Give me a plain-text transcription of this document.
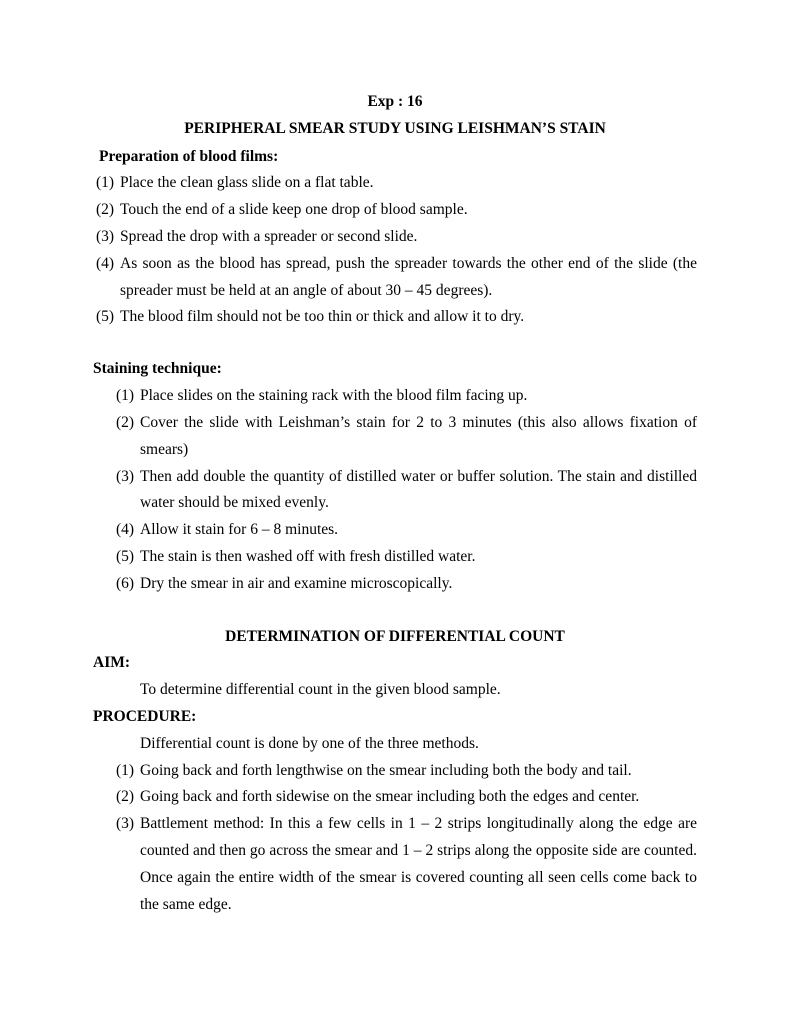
Exp : 16
PERIPHERAL SMEAR STUDY USING LEISHMAN’S STAIN
Preparation of blood films:
(1) Place the clean glass slide on a flat table.
(2) Touch the end of a slide keep one drop of blood sample.
(3) Spread the drop with a spreader or second slide.
(4) As soon as the blood has spread, push the spreader towards the other end of the slide (the
spreader must be held at an angle of about 30 – 45 degrees).
(5) The blood film should not be too thin or thick and allow it to dry.
Staining technique:
(1) Place slides on the staining rack with the blood film facing up.
(2) Cover the slide with Leishman’s stain for 2 to 3 minutes (this also allows fixation of
smears)
(3) Then add double the quantity of distilled water or buffer solution. The stain and distilled
water should be mixed evenly.
(4) Allow it stain for 6 – 8 minutes.
(5) The stain is then washed off with fresh distilled water.
(6) Dry the smear in air and examine microscopically.
DETERMINATION OF DIFFERENTIAL COUNT
AIM:
To determine differential count in the given blood sample.
PROCEDURE:
Differential count is done by one of the three methods.
(1) Going back and forth lengthwise on the smear including both the body and tail.
(2) Going back and forth sidewise on the smear including both the edges and center.
(3) Battlement method: In this a few cells in 1 – 2 strips longitudinally along the edge are
counted and then go across the smear and 1 – 2 strips along the opposite side are counted.
Once again the entire width of the smear is covered counting all seen cells come back to
the same edge.
